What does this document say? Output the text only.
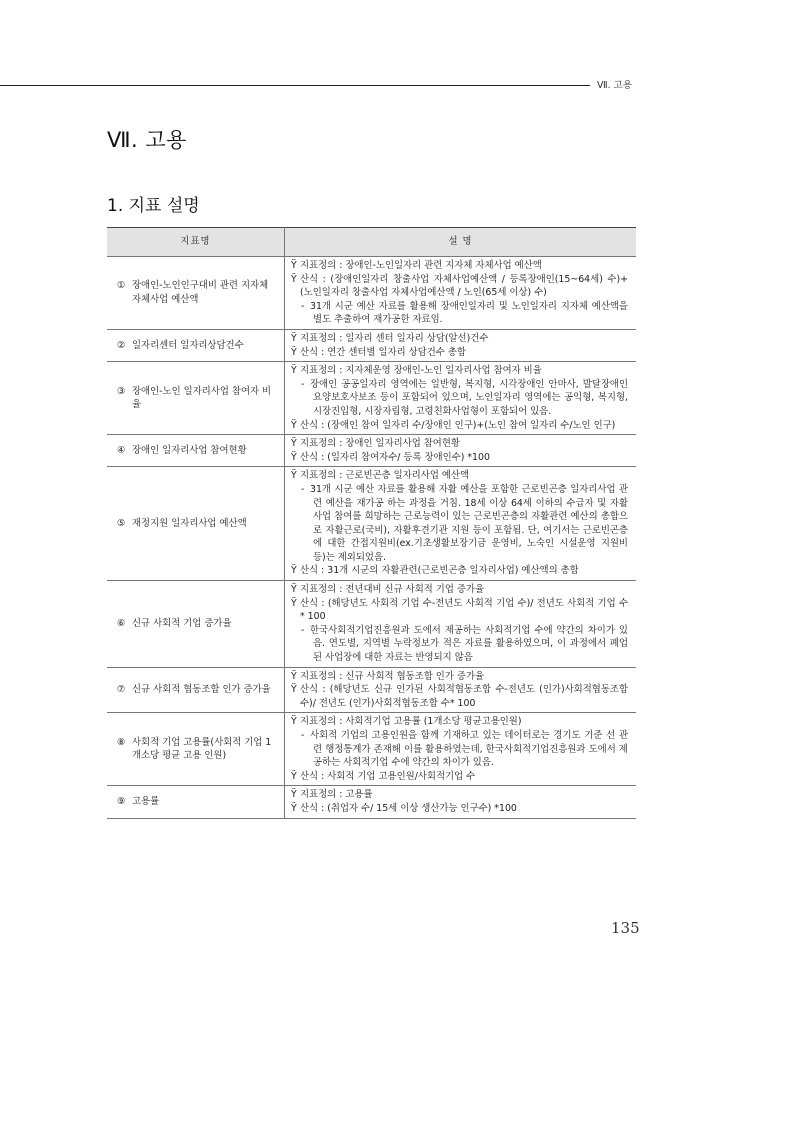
Ⅶ. 고용
Ⅶ. 고용
1. 지표 설명
지표명	설 명

① 장애인-노인인구대비 관련 지자체 자체사업 예산액	Ÿ 지표정의 : 장애인-노인일자리 관련 지자체 자체사업 예산액
Ÿ 산식 : (장애인일자리 창출사업 자체사업예산액 / 등록장애인(15~64세) 수)+(노인일자리 창출사업 자체사업예산액 / 노인(65세 이상) 수)
- 31개 시군 예산 자료를 활용해 장애인일자리 및 노인일자리 지자체 예산액을 별도 추출하여 재가공한 자료임.

② 일자리센터 일자리상담건수	Ÿ 지표정의 : 일자리 센터 일자리 상담(알선)건수
Ÿ 산식 : 연간 센터별 일자리 상담건수 총합

③ 장애인-노인 일자리사업 참여자 비율	Ÿ 지표정의 : 지자체운영 장애인-노인 일자리사업 참여자 비율
- 장애인 공공일자리 영역에는 일반형, 복지형, 시각장애인 안마사, 발달장애인 요양보호사보조 등이 포함되어 있으며, 노인일자리 영역에는 공익형, 복지형, 시장진입형, 시장자립형, 고령친화사업형이 포함되어 있음.
Ÿ 산식 : (장애인 참여 일자리 수/장애인 인구)+(노인 참여 일자리 수/노인 인구)

④ 장애인 일자리사업 참여현황	Ÿ 지표정의 : 장애인 일자리사업 참여현황
Ÿ 산식 : (일자리 참여자수/ 등록 장애인수) *100

⑤ 재정지원 일자리사업 예산액	Ÿ 지표정의 : 근로빈곤층 일자리사업 예산액
- 31개 시군 예산 자료를 활용해 자활 예산을 포함한 근로빈곤층 일자리사업 관련 예산을 재가공 하는 과정을 거침. 18세 이상 64세 이하의 수급자 및 자활사업 참여를 희망하는 근로능력이 있는 근로빈곤층의 자활관련 예산의 총합으로 자활근로(국비), 자활후견기관 지원 등이 포함됨. 단, 여기서는 근로빈곤층에 대한 간접지원비(ex.기초생활보장기금 운영비, 노숙인 시설운영 지원비 등)는 제외되었음.
Ÿ 산식 : 31개 시군의 자활관련(근로빈곤층 일자리사업) 예산액의 총합

⑥ 신규 사회적 기업 증가율	Ÿ 지표정의 : 전년대비 신규 사회적 기업 증가율
Ÿ 산식 : (해당년도 사회적 기업 수-전년도 사회적 기업 수)/ 전년도 사회적 기업 수* 100
- 한국사회적기업진흥원과 도에서 제공하는 사회적기업 수에 약간의 차이가 있음. 연도별, 지역별 누락정보가 적은 자료를 활용하였으며, 이 과정에서 폐업된 사업장에 대한 자료는 반영되지 않음

⑦ 신규 사회적 협동조합 인가 증가율	Ÿ 지표정의 : 신규 사회적 협동조합 인가 증가율
Ÿ 산식 : (해당년도 신규 인가된 사회적협동조합 수-전년도 (인가)사회적협동조합 수)/ 전년도 (인가)사회적협동조합 수* 100

⑧ 사회적 기업 고용률(사회적 기업 1개소당 평균 고용 인원)	Ÿ 지표정의 : 사회적기업 고용률 (1개소당 평균고용인원)
- 사회적 기업의 고용인원을 함께 기재하고 있는 데이터로는 경기도 기준 선 관련 행정통계가 존재해 이를 활용하였는데, 한국사회적기업진흥원과 도에서 제공하는 사회적기업 수에 약간의 차이가 있음.
Ÿ 산식 : 사회적 기업 고용인원/사회적기업 수

⑨ 고용률	Ÿ 지표정의 : 고용률
Ÿ 산식 : (취업자 수/ 15세 이상 생산가능 인구수) *100
135
